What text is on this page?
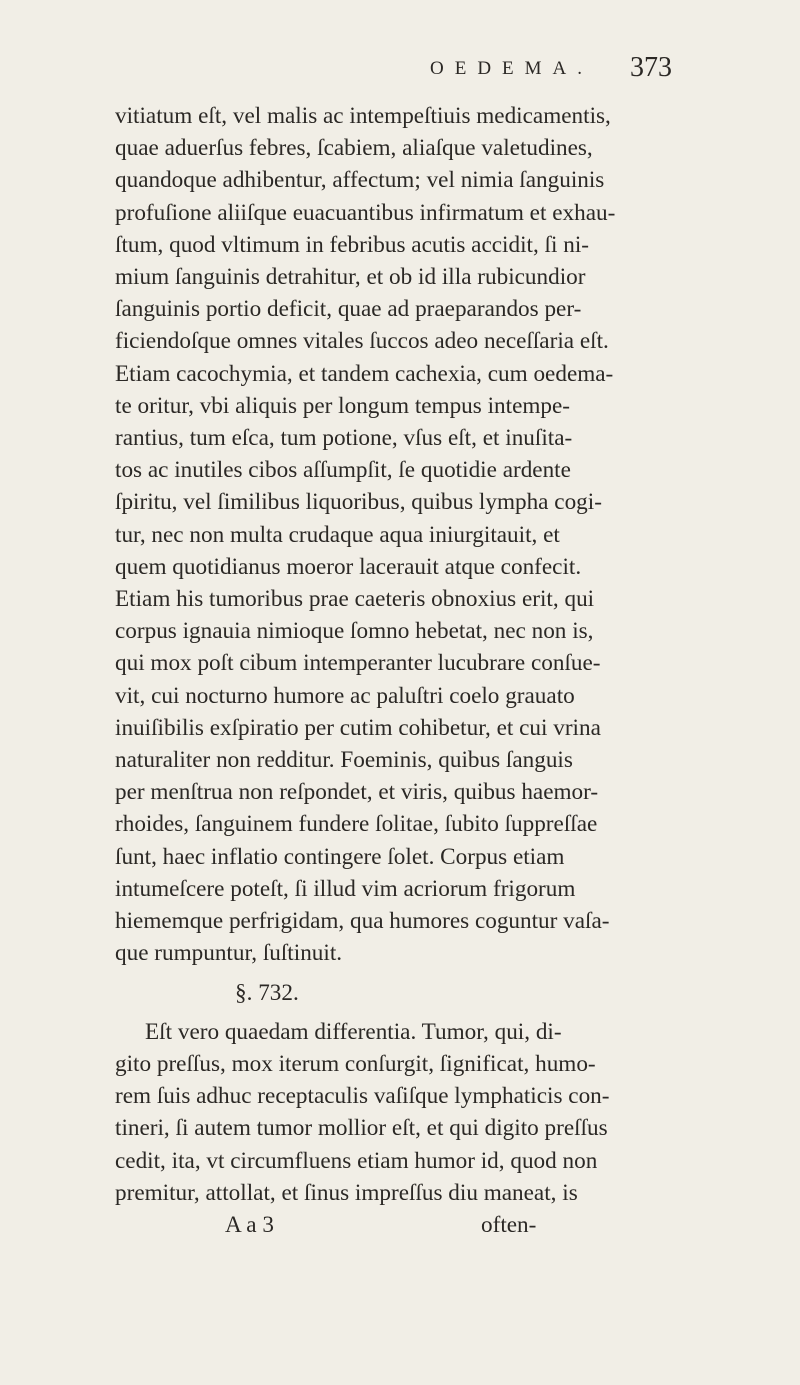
OEDEMA. 373
vitiatum eſt, vel malis ac intempeſtiuis medicamentis,
quae aduerſus febres, ſcabiem, aliaſque valetudines,
quandoque adhibentur, affectum; vel nimia ſanguinis
profuſione aliiſque euacuantibus infirmatum et exhau-
ſtum, quod vltimum in febribus acutis accidit, ſi ni-
mium ſanguinis detrahitur, et ob id illa rubicundior
ſanguinis portio deficit, quae ad praeparandos per-
ficiendoſque omnes vitales ſuccos adeo neceſſaria eſt.
Etiam cacochymia, et tandem cachexia, cum oedema-
te oritur, vbi aliquis per longum tempus intempe-
rantius, tum eſca, tum potione, vſus eſt, et inuſita-
tos ac inutiles cibos aſſumpſit, ſe quotidie ardente
ſpiritu, vel ſimilibus liquoribus, quibus lympha cogi-
tur, nec non multa crudaque aqua iniurgitauit, et
quem quotidianus moeror lacerauit atque confecit.
Etiam his tumoribus prae caeteris obnoxius erit, qui
corpus ignauia nimioque ſomno hebetat, nec non is,
qui mox poſt cibum intemperanter lucubrare conſue-
vit, cui nocturno humore ac paluſtri coelo grauato
inuiſibilis exſpiratio per cutim cohibetur, et cui vrina
naturaliter non redditur. Foeminis, quibus ſanguis
per menſtrua non reſpondet, et viris, quibus haemor-
rhoides, ſanguinem fundere ſolitae, ſubito ſuppreſſae
ſunt, haec inflatio contingere ſolet. Corpus etiam
intumeſcere poteſt, ſi illud vim acriorum frigorum
hiememque perfrigidam, qua humores coguntur vaſa-
que rumpuntur, ſuſtinuit.
§. 732.
Eſt vero quaedam differentia. Tumor, qui, di-
gito preſſus, mox iterum conſurgit, ſignificat, humo-
rem ſuis adhuc receptaculis vaſiſque lymphaticis con-
tineri, ſi autem tumor mollior eſt, et qui digito preſſus
cedit, ita, vt circumfluens etiam humor id, quod non
premitur, attollat, et ſinus impreſſus diu maneat, is
A a 3	often-
